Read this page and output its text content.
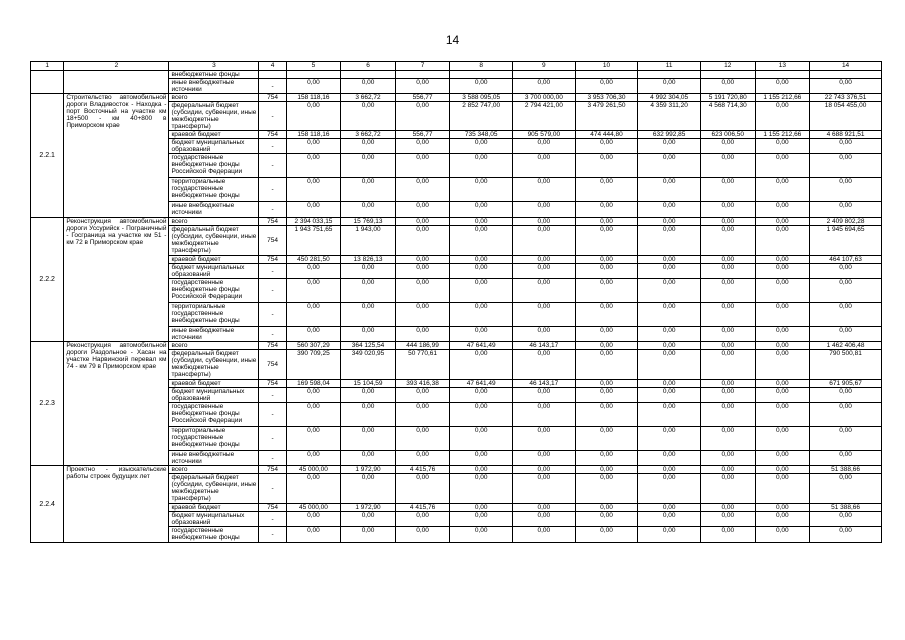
14
1	2	3	4	5	6	7	8	9	10	11	12	13	14
		внебюджетные фонды											
		иные внебюджетные источники	-	0,00	0,00	0,00	0,00	0,00	0,00	0,00	0,00	0,00	0,00
2.2.1	Строительство автомобильной дороги Владивосток - Находка - порт Восточный на участке км 18+500 - км 40+800 в Приморском крае	всего	754	158 118,16	3 662,72	556,77	3 588 095,05	3 700 000,00	3 953 706,30	4 992 304,05	5 191 720,80	1 155 212,66	22 743 376,51
		федеральный бюджет (субсидии, субвенции, иные межбюджетные трансферты)	-	0,00	0,00	0,00	2 852 747,00	2 794 421,00	3 479 261,50	4 359 311,20	4 568 714,30	0,00	18 054 455,00
		краевой бюджет	754	158 118,16	3 662,72	556,77	735 348,05	905 579,00	474 444,80	632 992,85	623 006,50	1 155 212,66	4 688 921,51
		бюджет муниципальных образований	-	0,00	0,00	0,00	0,00	0,00	0,00	0,00	0,00	0,00	0,00
		государственные внебюджетные фонды Российской Федерации	-	0,00	0,00	0,00	0,00	0,00	0,00	0,00	0,00	0,00	0,00
		территориальные государственные внебюджетные фонды	-	0,00	0,00	0,00	0,00	0,00	0,00	0,00	0,00	0,00	0,00
		иные внебюджетные источники	-	0,00	0,00	0,00	0,00	0,00	0,00	0,00	0,00	0,00	0,00
2.2.2	Реконструкция автомобильной дороги Уссурийск - Пограничный - Госграница на участке км 51 - км 72 в Приморском крае	всего	754	2 394 033,15	15 769,13	0,00	0,00	0,00	0,00	0,00	0,00	0,00	2 409 802,28
		федеральный бюджет (субсидии, субвенции, иные межбюджетные трансферты)	754	1 943 751,65	1 943,00	0,00	0,00	0,00	0,00	0,00	0,00	0,00	1 945 694,65
		краевой бюджет	754	450 281,50	13 826,13	0,00	0,00	0,00	0,00	0,00	0,00	0,00	464 107,63
		бюджет муниципальных образований	-	0,00	0,00	0,00	0,00	0,00	0,00	0,00	0,00	0,00	0,00
		государственные внебюджетные фонды Российской Федерации	-	0,00	0,00	0,00	0,00	0,00	0,00	0,00	0,00	0,00	0,00
		территориальные государственные внебюджетные фонды	-	0,00	0,00	0,00	0,00	0,00	0,00	0,00	0,00	0,00	0,00
		иные внебюджетные источники	-	0,00	0,00	0,00	0,00	0,00	0,00	0,00	0,00	0,00	0,00
2.2.3	Реконструкция автомобильной дороги Раздольное - Хасан на участке Нарвинский перевал км 74 - км 79 в Приморском крае	всего	754	560 307,29	364 125,54	444 186,99	47 641,49	46 143,17	0,00	0,00	0,00	0,00	1 462 406,48
		федеральный бюджет (субсидии, субвенции, иные межбюджетные трансферты)	754	390 709,25	349 020,95	50 770,61	0,00	0,00	0,00	0,00	0,00	0,00	790 500,81
		краевой бюджет	754	169 598,04	15 104,59	393 416,38	47 641,49	46 143,17	0,00	0,00	0,00	0,00	671 905,67
		бюджет муниципальных образований	-	0,00	0,00	0,00	0,00	0,00	0,00	0,00	0,00	0,00	0,00
		государственные внебюджетные фонды Российской Федерации	-	0,00	0,00	0,00	0,00	0,00	0,00	0,00	0,00	0,00	0,00
		территориальные государственные внебюджетные фонды	-	0,00	0,00	0,00	0,00	0,00	0,00	0,00	0,00	0,00	0,00
		иные внебюджетные источники	-	0,00	0,00	0,00	0,00	0,00	0,00	0,00	0,00	0,00	0,00
2.2.4	Проектно - изыскательские работы строек будущих лет	всего	754	45 000,00	1 972,90	4 415,76	0,00	0,00	0,00	0,00	0,00	0,00	51 388,66
		федеральный бюджет (субсидии, субвенции, иные межбюджетные трансферты)	-	0,00	0,00	0,00	0,00	0,00	0,00	0,00	0,00	0,00	0,00
		краевой бюджет	754	45 000,00	1 972,90	4 415,76	0,00	0,00	0,00	0,00	0,00	0,00	51 388,66
		бюджет муниципальных образований	-	0,00	0,00	0,00	0,00	0,00	0,00	0,00	0,00	0,00	0,00
		государственные внебюджетные фонды	-	0,00	0,00	0,00	0,00	0,00	0,00	0,00	0,00	0,00	0,00
